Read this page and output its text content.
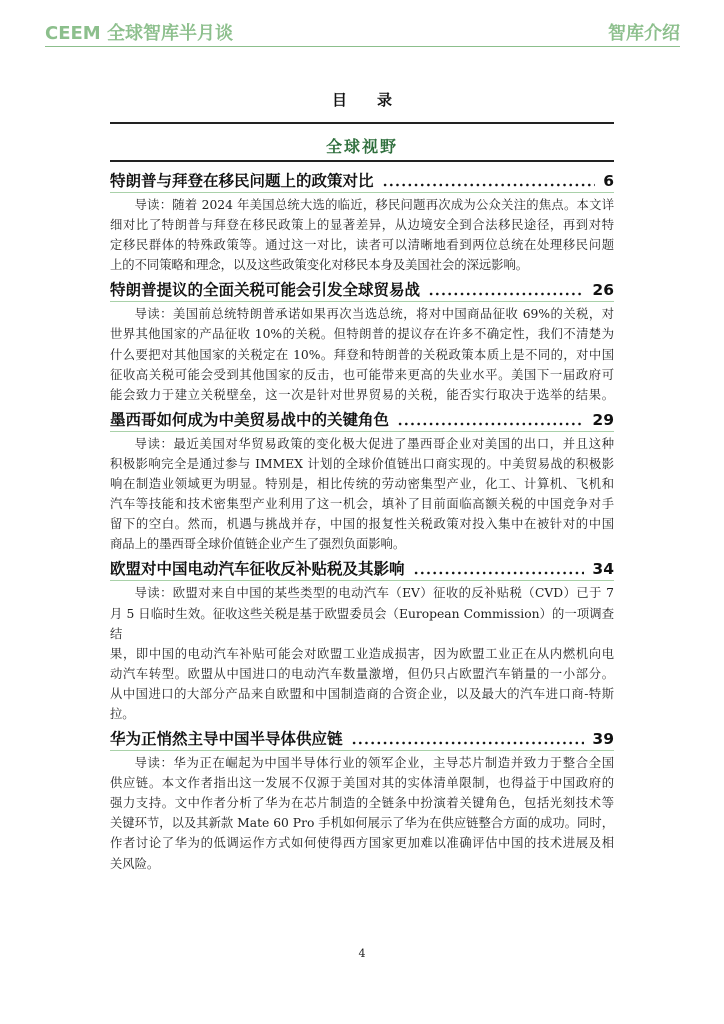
CEEM 全球智库半月谈	智库介绍
目　　录
全球视野
特朗普与拜登在移民问题上的政策对比	6
导读：随着 2024 年美国总统大选的临近，移民问题再次成为公众关注的焦点。本文详
细对比了特朗普与拜登在移民政策上的显著差异，从边境安全到合法移民途径，再到对特
定移民群体的特殊政策等。通过这一对比，读者可以清晰地看到两位总统在处理移民问题
上的不同策略和理念，以及这些政策变化对移民本身及美国社会的深远影响。
特朗普提议的全面关税可能会引发全球贸易战	26
导读：美国前总统特朗普承诺如果再次当选总统，将对中国商品征收 69%的关税，对
世界其他国家的产品征收 10%的关税。但特朗普的提议存在许多不确定性，我们不清楚为
什么要把对其他国家的关税定在 10%。拜登和特朗普的关税政策本质上是不同的，对中国
征收高关税可能会受到其他国家的反击，也可能带来更高的失业水平。美国下一届政府可
能会致力于建立关税壁垒，这一次是针对世界贸易的关税，能否实行取决于选举的结果。
墨西哥如何成为中美贸易战中的关键角色	29
导读：最近美国对华贸易政策的变化极大促进了墨西哥企业对美国的出口，并且这种
积极影响完全是通过参与 IMMEX 计划的全球价值链出口商实现的。中美贸易战的积极影
响在制造业领域更为明显。特别是，相比传统的劳动密集型产业，化工、计算机、飞机和
汽车等技能和技术密集型产业利用了这一机会，填补了目前面临高额关税的中国竞争对手
留下的空白。然而，机遇与挑战并存，中国的报复性关税政策对投入集中在被针对的中国
商品上的墨西哥全球价值链企业产生了强烈负面影响。
欧盟对中国电动汽车征收反补贴税及其影响	34
导读：欧盟对来自中国的某些类型的电动汽车（EV）征收的反补贴税（CVD）已于 7
月 5 日临时生效。征收这些关税是基于欧盟委员会（European Commission）的一项调查结
果，即中国的电动汽车补贴可能会对欧盟工业造成损害，因为欧盟工业正在从内燃机向电
动汽车转型。欧盟从中国进口的电动汽车数量激增，但仍只占欧盟汽车销量的一小部分。
从中国进口的大部分产品来自欧盟和中国制造商的合资企业，以及最大的汽车进口商-特斯
拉。
华为正悄然主导中国半导体供应链	39
导读：华为正在崛起为中国半导体行业的领军企业，主导芯片制造并致力于整合全国
供应链。本文作者指出这一发展不仅源于美国对其的实体清单限制，也得益于中国政府的
强力支持。文中作者分析了华为在芯片制造的全链条中扮演着关键角色，包括光刻技术等
关键环节，以及其新款 Mate 60 Pro 手机如何展示了华为在供应链整合方面的成功。同时，
作者讨论了华为的低调运作方式如何使得西方国家更加难以准确评估中国的技术进展及相
关风险。
4
